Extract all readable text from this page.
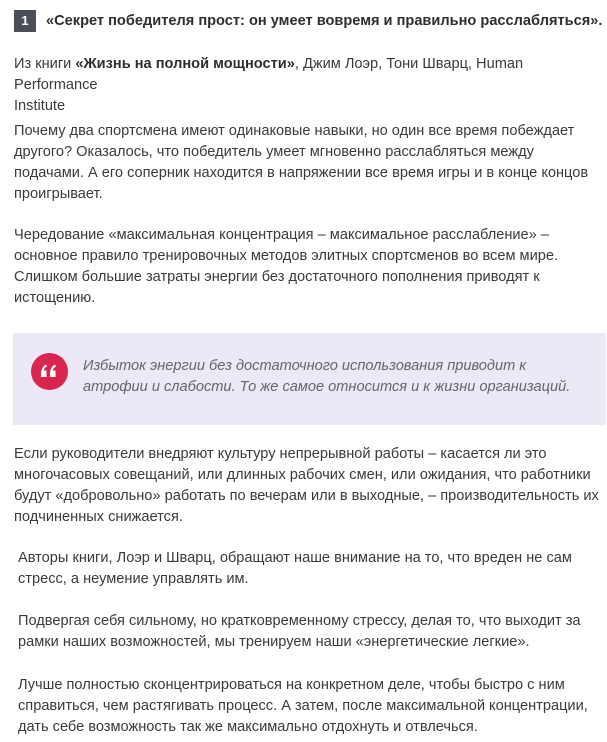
1	«Секрет победителя прост: он умеет вовремя и правильно расслабляться».

Из книги «Жизнь на полной мощности», Джим Лоэр, Тони Шварц, Human Performance
Institute

Почему два спортсмена имеют одинаковые навыки, но один все время побеждает
другого? Оказалось, что победитель умеет мгновенно расслабляться между
подачами. А его соперник находится в напряжении все время игры и в конце концов
проигрывает.

Чередование «максимальная концентрация – максимальное расслабление» –
основное правило тренировочных методов элитных спортсменов во всем мире.
Слишком большие затраты энергии без достаточного пополнения приводят к
истощению.

Избыток энергии без достаточного использования приводит к
атрофии и слабости. То же самое относится и к жизни организаций.

Если руководители внедряют культуру непрерывной работы – касается ли это
многочасовых совещаний, или длинных рабочих смен, или ожидания, что работники
будут «добровольно» работать по вечерам или в выходные, – производительность их
подчиненных снижается.

Авторы книги, Лоэр и Шварц, обращают наше внимание на то, что вреден не сам
стресс, а неумение управлять им.

Подвергая себя сильному, но кратковременному стрессу, делая то, что выходит за
рамки наших возможностей, мы тренируем наши «энергетические легкие».

Лучше полностью сконцентрироваться на конкретном деле, чтобы быстро с ним
справиться, чем растягивать процесс. А затем, после максимальной концентрации,
дать себе возможность так же максимально отдохнуть и отвлечься.
